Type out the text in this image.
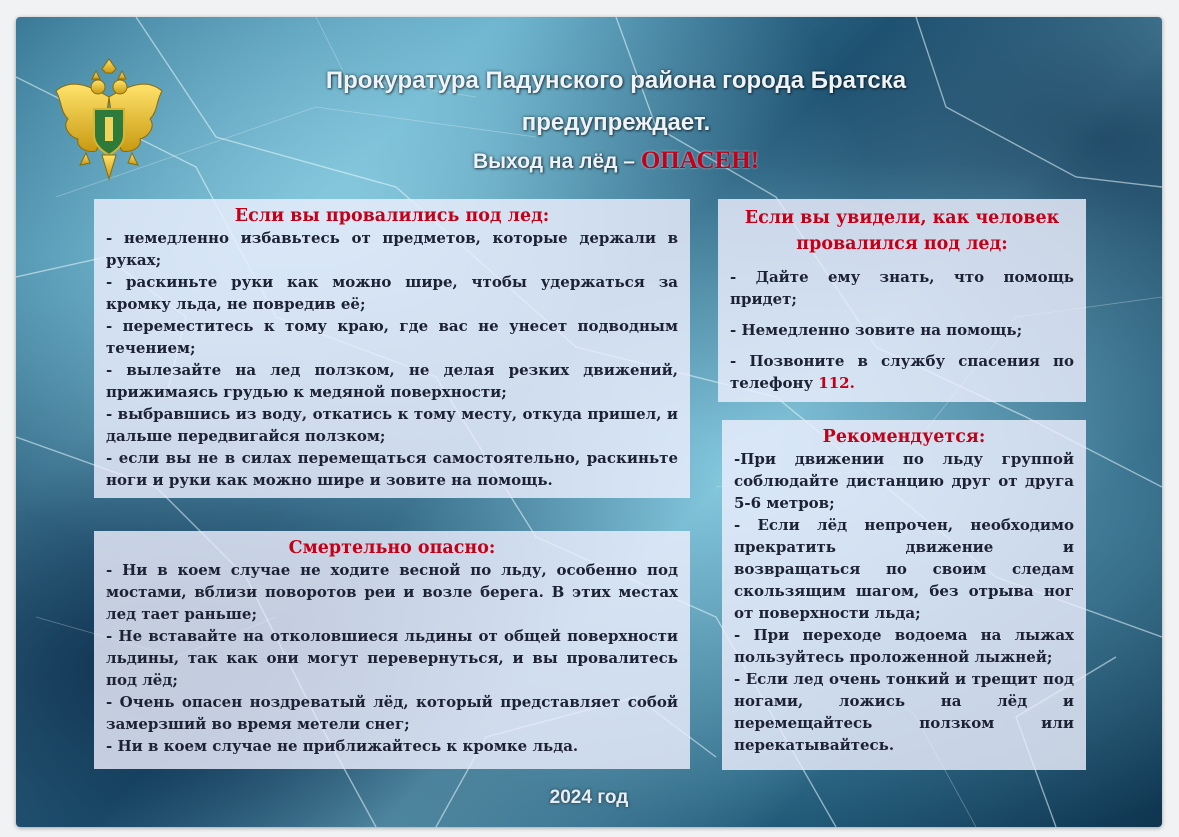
Прокуратура Падунского района города Братска
предупреждает.
Выход на лёд – ОПАСЕН!
Если вы провалились под лед:

- немедленно избавьтесь от предметов, которые держали в руках;

- раскиньте руки как можно шире, чтобы удержаться за кромку льда, не повредив её;

- переместитесь к тому краю, где вас не унесет подводным течением;

- вылезайте на лед ползком, не делая резких движений, прижимаясь грудью к медяной поверхности;

- выбравшись из воду, откатись к тому месту, откуда пришел, и дальше передвигайся ползком;

- если вы не в силах перемещаться самостоятельно, раскиньте ноги и руки как можно шире и зовите на помощь.

Смертельно опасно:

- Ни в коем случае не ходите весной по льду, особенно под мостами, вблизи поворотов реи и возле берега. В этих местах лед тает раньше;

- Не вставайте на отколовшиеся льдины от общей поверхности льдины, так как они могут перевернуться, и вы провалитесь под лёд;

- Очень опасен ноздреватый лёд, который представляет собой замерзший во время метели снег;

- Ни в коем случае не приближайтесь к кромке льда.

Если вы увидели, как человек провалился под лед:

- Дайте ему знать, что помощь придет;

- Немедленно зовите на помощь;

- Позвоните в службу спасения по телефону 112.

Рекомендуется:

-При движении по льду группой соблюдайте дистанцию друг от друга 5-6 метров;

- Если лёд непрочен, необходимо прекратить движение и возвращаться по своим следам скользящим шагом, без отрыва ног от поверхности льда;

- При переходе водоема на лыжах пользуйтесь проложенной лыжней;

- Если лед очень тонкий и трещит под ногами, ложись на лёд и перемещайтесь ползком или перекатывайтесь.

2024 год
